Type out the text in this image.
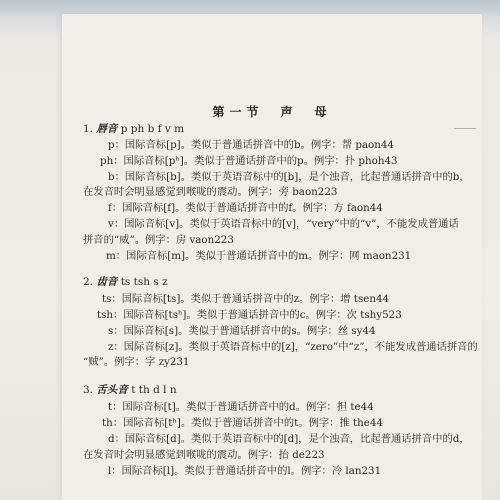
第一节　声　母
1. 唇音 p ph b f v m
p：国际音标[p]。类似于普通话拼音中的b。例字：帮 paon44
ph：国际音标[pʰ]。类似于普通话拼音中的p。例字：扑 phoh43
b：国际音标[b]。类似于英语音标中的[b]，是个浊音，比起普通话拼音中的b，
在发音时会明显感觉到喉咙的震动。例字：旁 baon223
f：国际音标[f]。类似于普通话拼音中的f。例字：方 faon44
v：国际音标[v]。类似于英语音标中的[v]，“very”中的“v”，不能发成普通话
拼音的“威”。例字：房 vaon223
m：国际音标[m]。类似于普通话拼音中的m。例字：网 maon231
2. 齿音 ts tsh s z
ts：国际音标[ts]。类似于普通话拼音中的z。例字：增 tsen44
tsh：国际音标[tsʰ]。类似于普通话拼音中的c。例字：次 tshy523
s：国际音标[s]。类似于普通话拼音中的s。例字：丝 sy44
z：国际音标[z]。类似于英语音标中的[z]，“zero”中“z”，不能发成普通话拼音的
“贼”。例字：字 zy231
3. 舌头音 t th d l n
t：国际音标[t]。类似于普通话拼音中的d。例字：担 te44
th：国际音标[tʰ]。类似于普通话拼音中的t。例字：推 the44
d：国际音标[d]。类似于英语音标中的[d]，是个浊音，比起普通话拼音中的d，
在发音时会明显感觉到喉咙的震动。例字：抬 de223
l：国际音标[l]。类似于普通话拼音中的l。例字：冷 lan231
